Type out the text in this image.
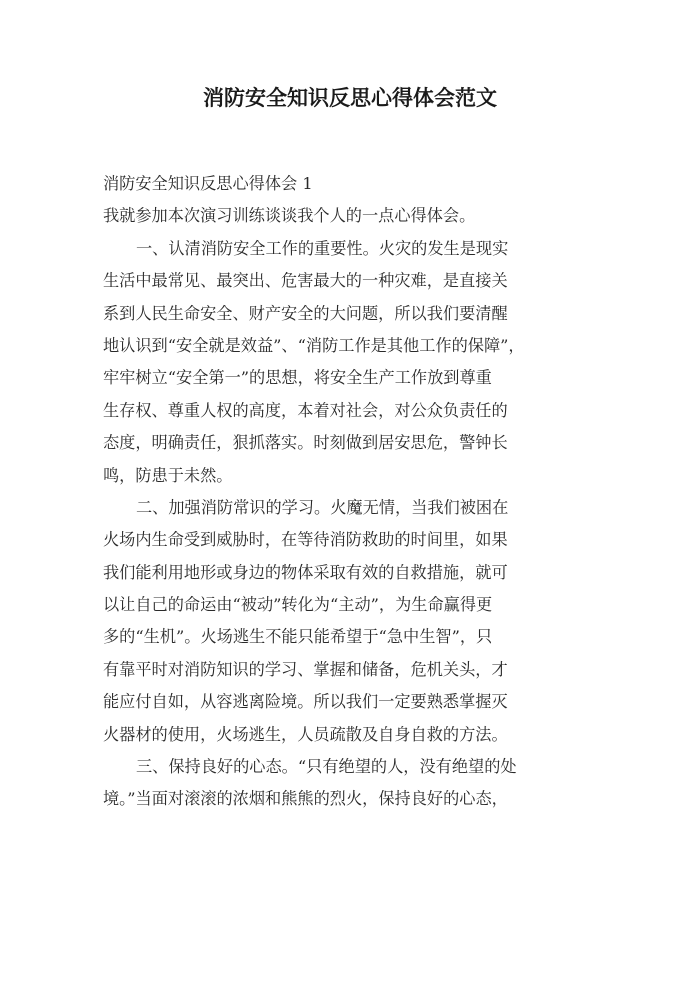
消防安全知识反思心得体会范文
消防安全知识反思心得体会 1
我就参加本次演习训练谈谈我个人的一点心得体会。
一、认清消防安全工作的重要性。火灾的发生是现实
生活中最常见、最突出、危害最大的一种灾难，是直接关
系到人民生命安全、财产安全的大问题，所以我们要清醒
地认识到“安全就是效益”、“消防工作是其他工作的保障”，
牢牢树立“安全第一”的思想，将安全生产工作放到尊重
生存权、尊重人权的高度，本着对社会，对公众负责任的
态度，明确责任，狠抓落实。时刻做到居安思危，警钟长
鸣，防患于未然。
二、加强消防常识的学习。火魔无情，当我们被困在
火场内生命受到威胁时，在等待消防救助的时间里，如果
我们能利用地形或身边的物体采取有效的自救措施，就可
以让自己的命运由“被动”转化为“主动”，为生命赢得更
多的“生机”。火场逃生不能只能希望于“急中生智”，只
有靠平时对消防知识的学习、掌握和储备，危机关头，才
能应付自如，从容逃离险境。所以我们一定要熟悉掌握灭
火器材的使用，火场逃生，人员疏散及自身自救的方法。
三、保持良好的心态。“只有绝望的人，没有绝望的处
境。”当面对滚滚的浓烟和熊熊的烈火，保持良好的心态，
